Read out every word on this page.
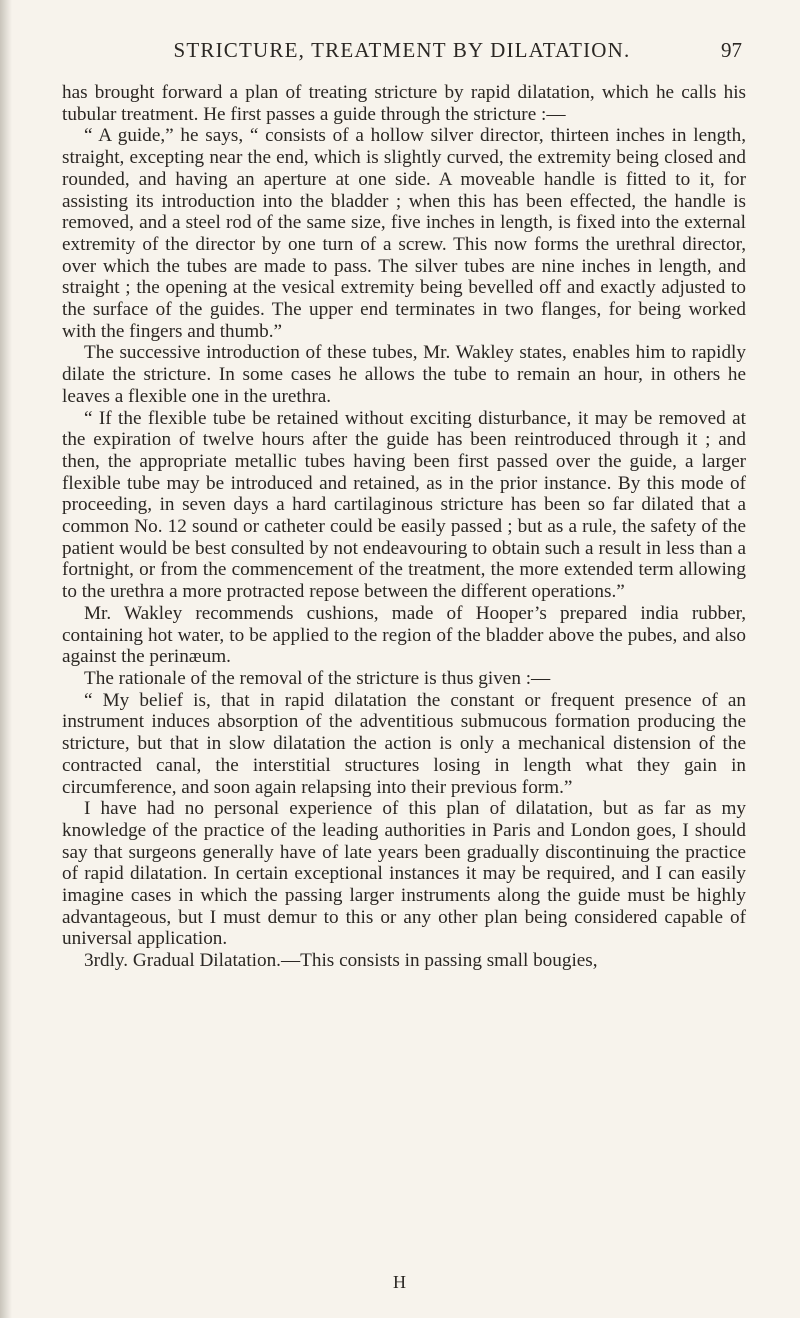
STRICTURE, TREATMENT BY DILATATION.	97

has brought forward a plan of treating stricture by rapid dilatation, which he calls his tubular treatment. He first passes a guide through the stricture :—

“ A guide,” he says, “ consists of a hollow silver director, thirteen inches in length, straight, excepting near the end, which is slightly curved, the extremity being closed and rounded, and having an aperture at one side. A moveable handle is fitted to it, for assisting its introduction into the bladder ; when this has been effected, the handle is removed, and a steel rod of the same size, five inches in length, is fixed into the external extremity of the director by one turn of a screw. This now forms the urethral director, over which the tubes are made to pass. The silver tubes are nine inches in length, and straight ; the opening at the vesical extremity being bevelled off and exactly adjusted to the surface of the guides. The upper end terminates in two flanges, for being worked with the fingers and thumb.”

The successive introduction of these tubes, Mr. Wakley states, enables him to rapidly dilate the stricture. In some cases he allows the tube to remain an hour, in others he leaves a flexible one in the urethra.

“ If the flexible tube be retained without exciting disturbance, it may be removed at the expiration of twelve hours after the guide has been reintroduced through it ; and then, the appropriate metallic tubes having been first passed over the guide, a larger flexible tube may be introduced and retained, as in the prior instance. By this mode of proceeding, in seven days a hard cartilaginous stricture has been so far dilated that a common No. 12 sound or catheter could be easily passed ; but as a rule, the safety of the patient would be best consulted by not endeavouring to obtain such a result in less than a fortnight, or from the commencement of the treatment, the more extended term allowing to the urethra a more protracted repose between the different operations.”

Mr. Wakley recommends cushions, made of Hooper’s prepared india rubber, containing hot water, to be applied to the region of the bladder above the pubes, and also against the perinæum.

The rationale of the removal of the stricture is thus given :—

“ My belief is, that in rapid dilatation the constant or frequent presence of an instrument induces absorption of the adventitious submucous formation producing the stricture, but that in slow dilatation the action is only a mechanical distension of the contracted canal, the interstitial structures losing in length what they gain in circumference, and soon again relapsing into their previous form.”

I have had no personal experience of this plan of dilatation, but as far as my knowledge of the practice of the leading authorities in Paris and London goes, I should say that surgeons generally have of late years been gradually discontinuing the practice of rapid dilatation. In certain exceptional instances it may be required, and I can easily imagine cases in which the passing larger instruments along the guide must be highly advantageous, but I must demur to this or any other plan being considered capable of universal application.

3rdly. Gradual Dilatation.—This consists in passing small bougies,

H
